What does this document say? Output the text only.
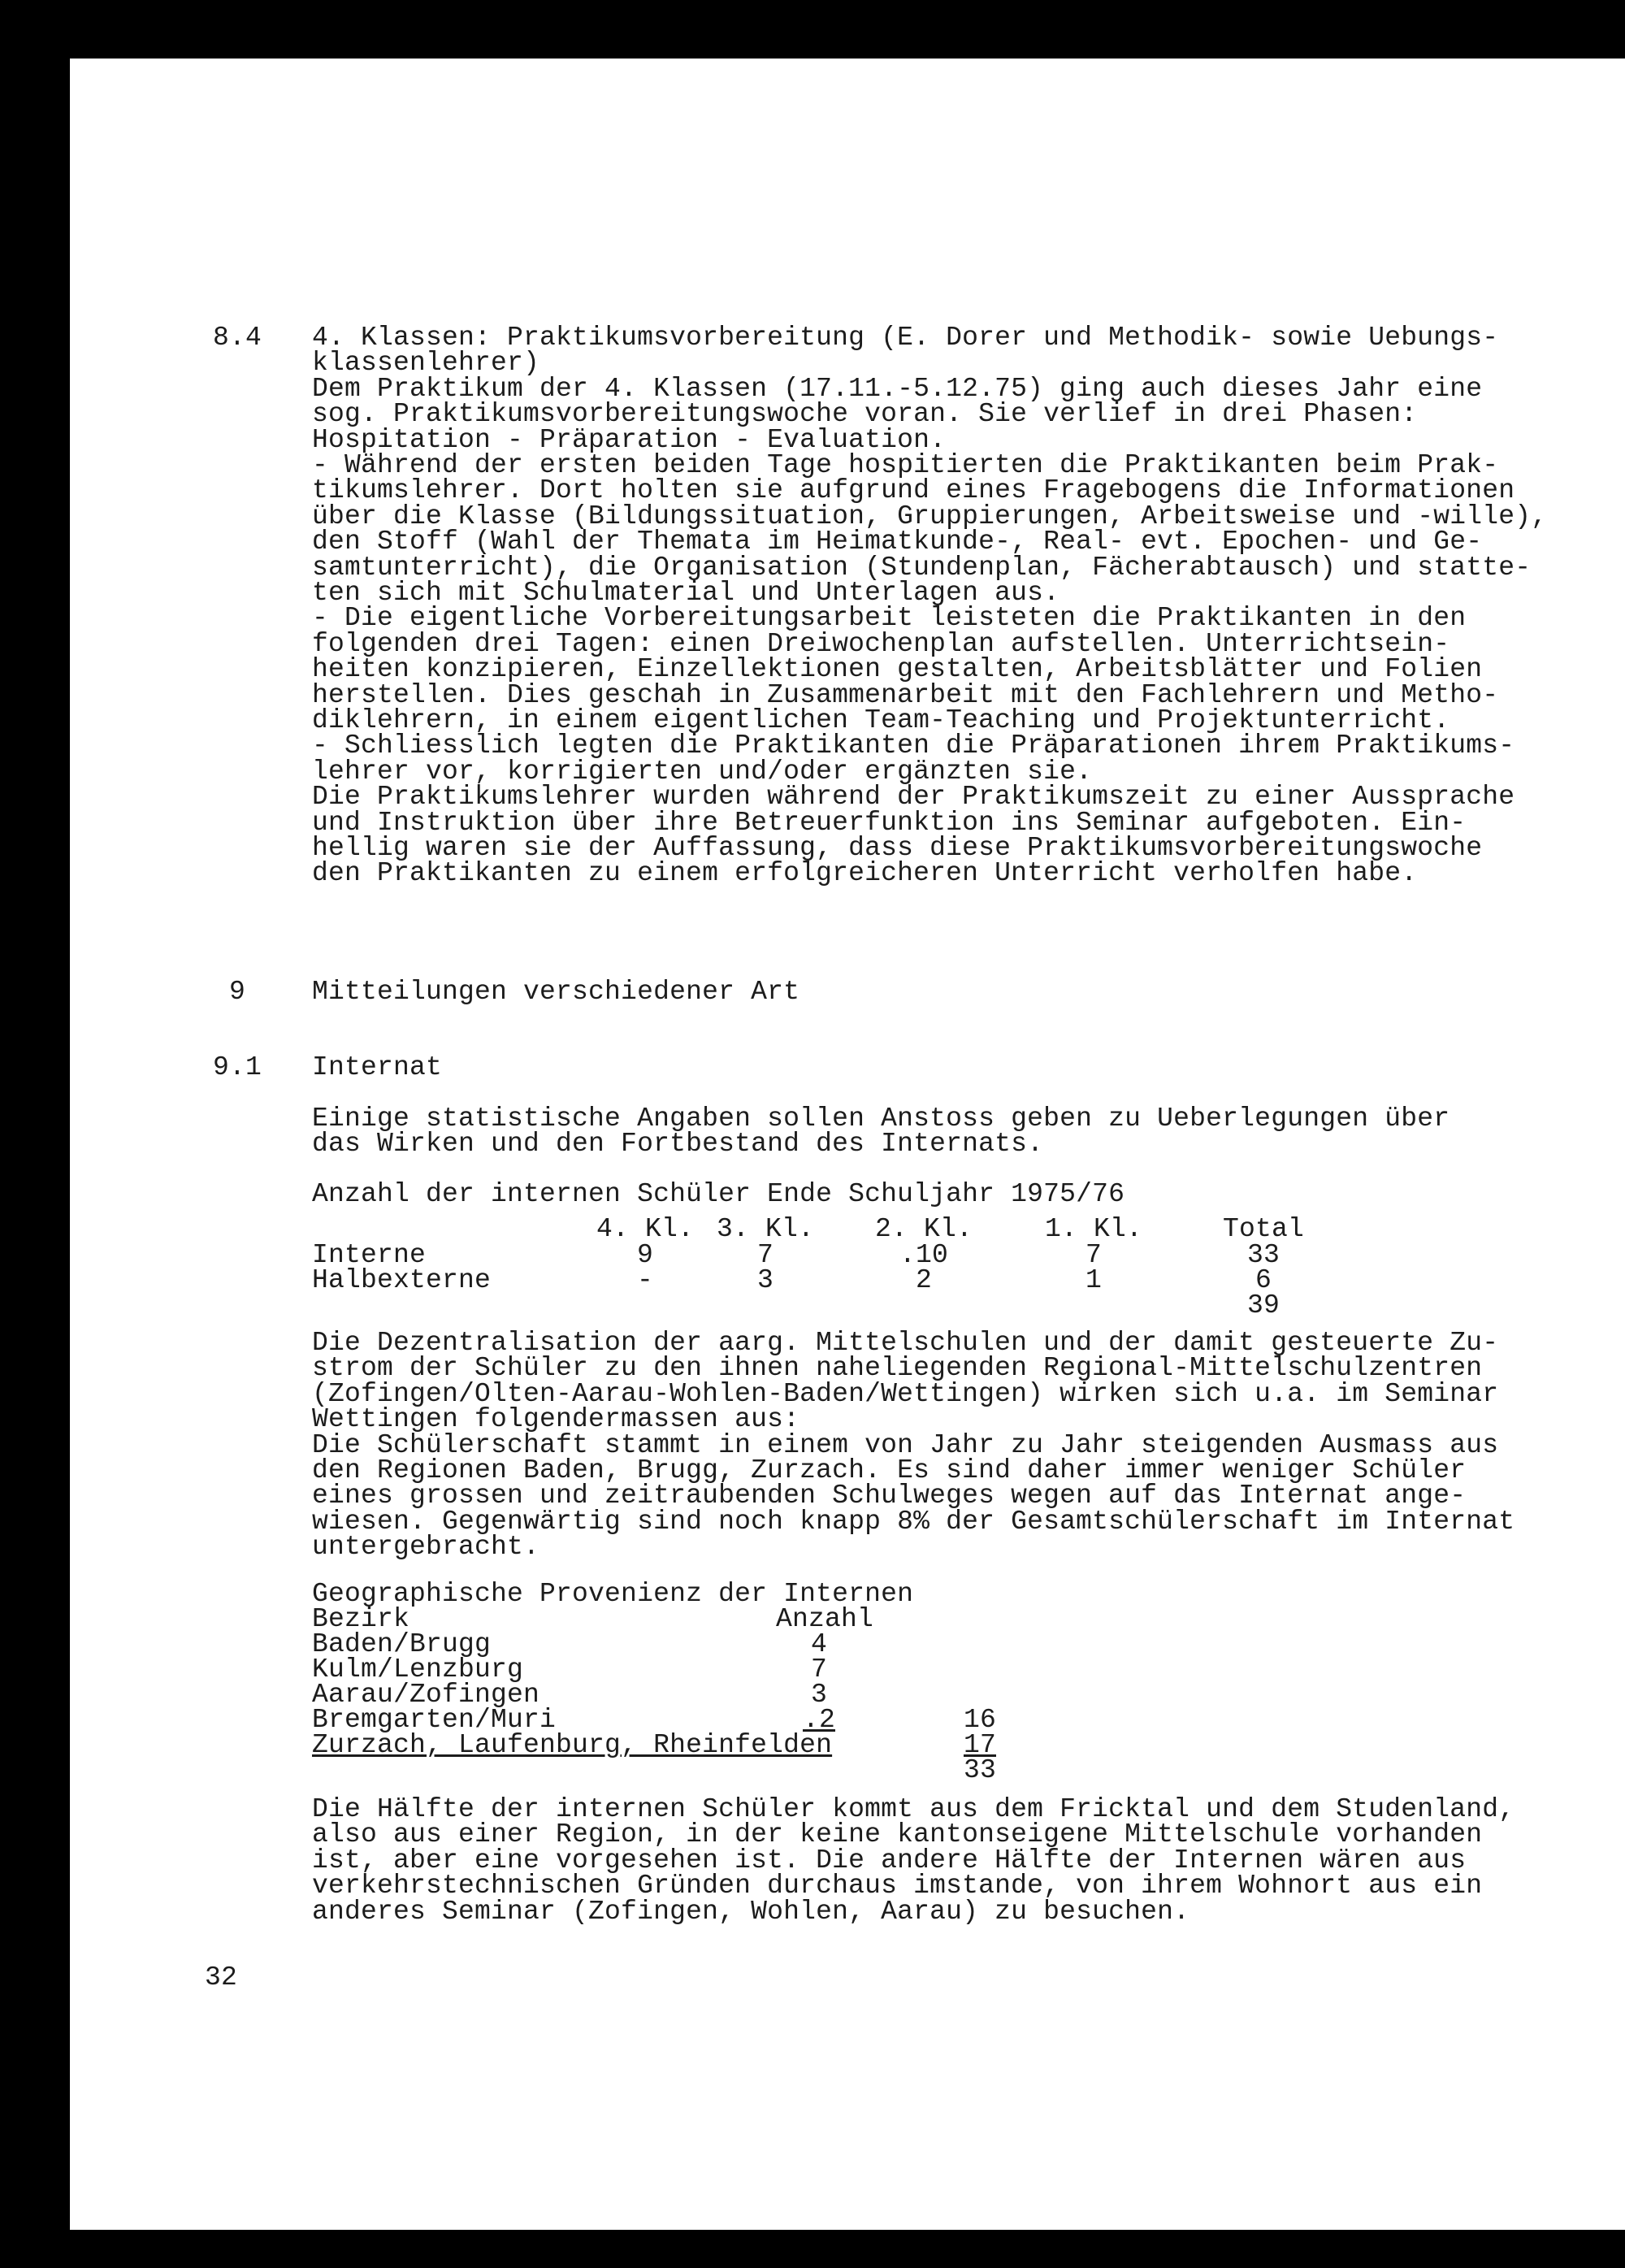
8.4 4. Klassen: Praktikumsvorbereitung (E. Dorer und Methodik- sowie Uebungs-
klassenlehrer)
Dem Praktikum der 4. Klassen (17.11.-5.12.75) ging auch dieses Jahr eine
sog. Praktikumsvorbereitungswoche voran. Sie verlief in drei Phasen:
Hospitation - Präparation - Evaluation.
- Während der ersten beiden Tage hospitierten die Praktikanten beim Prak-
tikumslehrer. Dort holten sie aufgrund eines Fragebogens die Informationen
über die Klasse (Bildungssituation, Gruppierungen, Arbeitsweise und -wille),
den Stoff (Wahl der Themata im Heimatkunde-, Real- evt. Epochen- und Ge-
samtunterricht), die Organisation (Stundenplan, Fächerabtausch) und statte-
ten sich mit Schulmaterial und Unterlagen aus.
- Die eigentliche Vorbereitungsarbeit leisteten die Praktikanten in den
folgenden drei Tagen: einen Dreiwochenplan aufstellen. Unterrichtsein-
heiten konzipieren, Einzellektionen gestalten, Arbeitsblätter und Folien
herstellen. Dies geschah in Zusammenarbeit mit den Fachlehrern und Metho-
diklehrern, in einem eigentlichen Team-Teaching und Projektunterricht.
- Schliesslich legten die Praktikanten die Präparationen ihrem Praktikums-
lehrer vor, korrigierten und/oder ergänzten sie.
Die Praktikumslehrer wurden während der Praktikumszeit zu einer Aussprache
und Instruktion über ihre Betreuerfunktion ins Seminar aufgeboten. Ein-
hellig waren sie der Auffassung, dass diese Praktikumsvorbereitungswoche
den Praktikanten zu einem erfolgreicheren Unterricht verholfen habe.
9 Mitteilungen verschiedener Art
9.1 Internat
Einige statistische Angaben sollen Anstoss geben zu Ueberlegungen über
das Wirken und den Fortbestand des Internats.
Anzahl der internen Schüler Ende Schuljahr 1975/76
4. Kl. 3. Kl.	2. Kl.	1. Kl.	Total
Interne	9	7	.10	7	33
Halbexterne	-	3	2	1	6
39
Die Dezentralisation der aarg. Mittelschulen und der damit gesteuerte Zu-
strom der Schüler zu den ihnen naheliegenden Regional-Mittelschulzentren
(Zofingen/Olten-Aarau-Wohlen-Baden/Wettingen) wirken sich u.a. im Seminar
Wettingen folgendermassen aus:
Die Schülerschaft stammt in einem von Jahr zu Jahr steigenden Ausmass aus
den Regionen Baden, Brugg, Zurzach. Es sind daher immer weniger Schüler
eines grossen und zeitraubenden Schulweges wegen auf das Internat ange-
wiesen. Gegenwärtig sind noch knapp 8% der Gesamtschülerschaft im Internat
untergebracht.
Geographische Provenienz der Internen
Bezirk	Anzahl
Baden/Brugg	4
Kulm/Lenzburg	7
Aarau/Zofingen	3
Bremgarten/Muri	.2	16
Zurzach, Laufenburg, Rheinfelden	17
33
Die Hälfte der internen Schüler kommt aus dem Fricktal und dem Studenland,
also aus einer Region, in der keine kantonseigene Mittelschule vorhanden
ist, aber eine vorgesehen ist. Die andere Hälfte der Internen wären aus
verkehrstechnischen Gründen durchaus imstande, von ihrem Wohnort aus ein
anderes Seminar (Zofingen, Wohlen, Aarau) zu besuchen.
32
